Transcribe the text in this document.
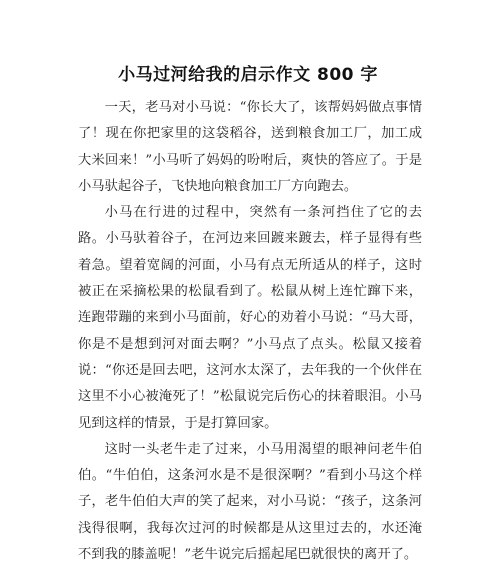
小马过河给我的启示作文 800 字

一天，老马对小马说：“你长大了，该帮妈妈做点事情了！现在你把家里的这袋稻谷，送到粮食加工厂，加工成大米回来！”小马听了妈妈的吩咐后，爽快的答应了。于是小马驮起谷子，飞快地向粮食加工厂方向跑去。

小马在行进的过程中，突然有一条河挡住了它的去路。小马驮着谷子，在河边来回踱来踱去，样子显得有些着急。望着宽阔的河面，小马有点无所适从的样子，这时被正在采摘松果的松鼠看到了。松鼠从树上连忙蹿下来，连跑带蹦的来到小马面前，好心的劝着小马说：“马大哥，你是不是想到河对面去啊？”小马点了点头。松鼠又接着说：“你还是回去吧，这河水太深了，去年我的一个伙伴在这里不小心被淹死了！”松鼠说完后伤心的抹着眼泪。小马见到这样的情景，于是打算回家。

这时一头老牛走了过来，小马用渴望的眼神问老牛伯伯。“牛伯伯，这条河水是不是很深啊？”看到小马这个样子，老牛伯伯大声的笑了起来，对小马说：“孩子，这条河浅得很啊，我每次过河的时候都是从这里过去的，水还淹不到我的膝盖呢！”老牛说完后摇起尾巴就很快的离开了。
